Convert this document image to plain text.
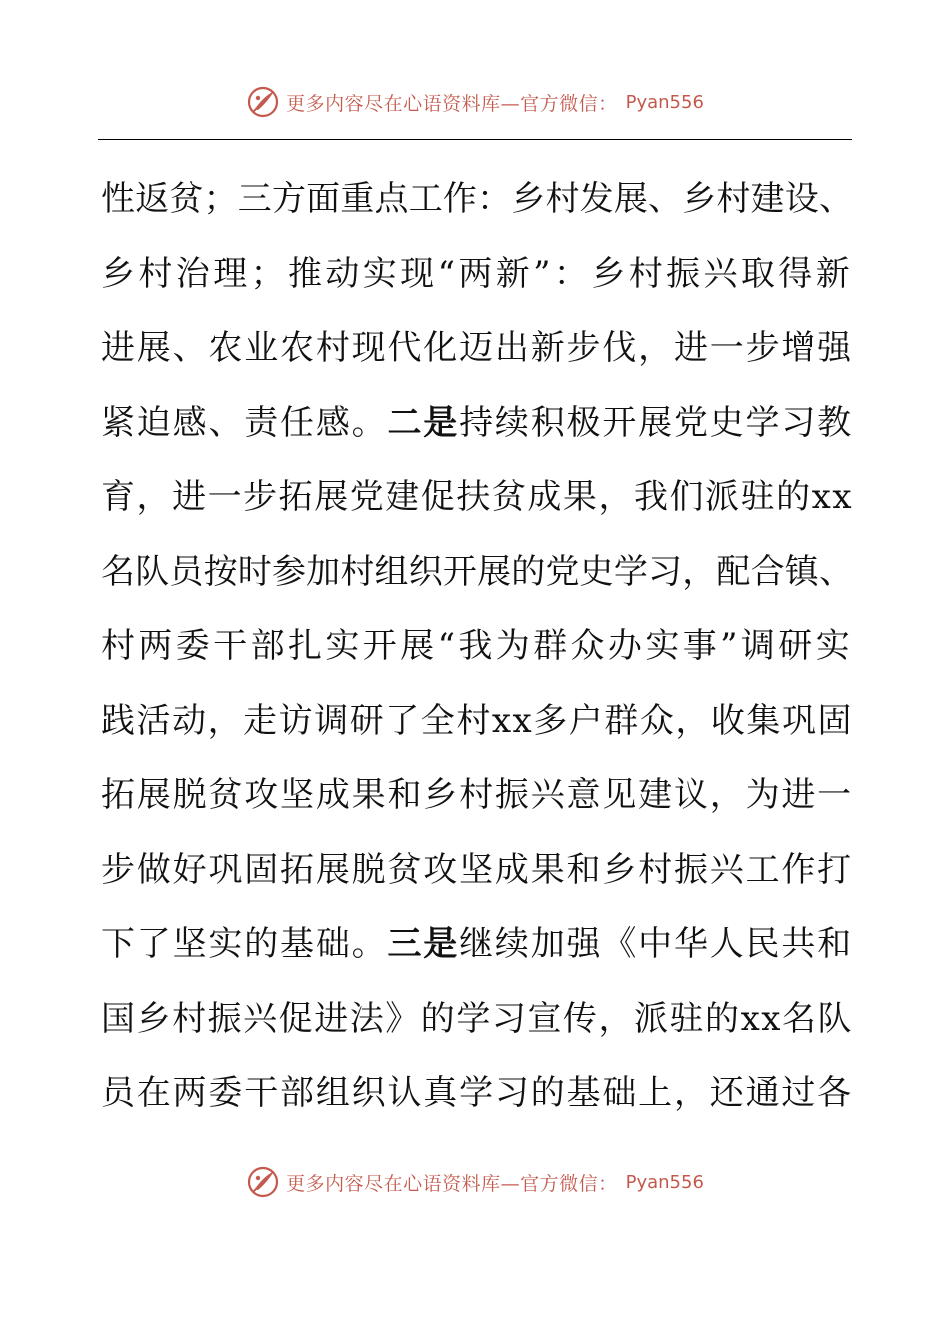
更多内容尽在心语资料库—官方微信： Pyan556
性返贫；三方面重点工作：乡村发展、乡村建设、
乡村治理；推动实现“两新”：乡村振兴取得新
进展、农业农村现代化迈出新步伐，进一步增强
紧迫感、责任感。二是持续积极开展党史学习教
育，进一步拓展党建促扶贫成果，我们派驻的xx
名队员按时参加村组织开展的党史学习，配合镇、
村两委干部扎实开展“我为群众办实事”调研实
践活动，走访调研了全村xx多户群众，收集巩固
拓展脱贫攻坚成果和乡村振兴意见建议，为进一
步做好巩固拓展脱贫攻坚成果和乡村振兴工作打
下了坚实的基础。三是继续加强《中华人民共和
国乡村振兴促进法》的学习宣传，派驻的xx名队
员在两委干部组织认真学习的基础上，还通过各
更多内容尽在心语资料库—官方微信： Pyan556
